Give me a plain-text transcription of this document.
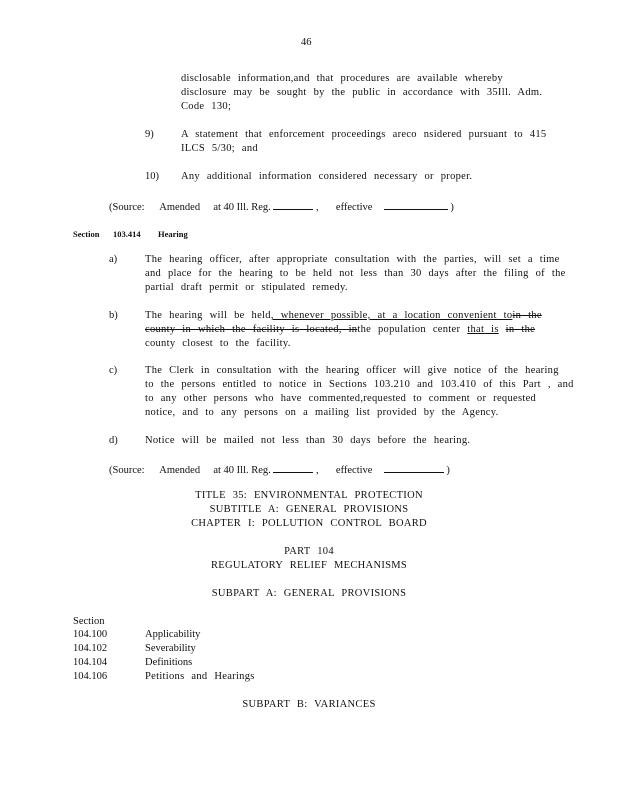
46
disclosable information,and that procedures are available whereby
disclosure may be sought by the public in accordance with 35Ill. Adm.
Code 130;
9)	A statement that enforcement proceedings areco nsidered pursuant to 415
ILCS 5/30; and
10) Any additional information considered necessary or proper.
(Source: Amended at 40 Ill. Reg.	, effective	)
Section 103.414 Hearing
a)	The hearing officer, after appropriate consultation with the parties, will set a time
and place for the hearing to be held not less than 30 days after the filing of the
partial draft permit or stipulated remedy.
b)	The hearing will be held, whenever possible, at a location convenient toin the
county in which the facility is located, inthe population center that is in the
county closest to the facility.
c)	The Clerk in consultation with the hearing officer will give notice of the hearing
to the persons entitled to notice in Sections 103.210 and 103.410 of this Part , and
to any other persons who have commented,requested to comment or requested
notice, and to any persons on a mailing list provided by the Agency.
d)	Notice will be mailed not less than 30 days before the hearing.
(Source: Amended at 40 Ill. Reg.	, effective	)
TITLE 35: ENVIRONMENTAL PROTECTION
SUBTITLE A: GENERAL PROVISIONS
CHAPTER I: POLLUTION CONTROL BOARD
PART 104
REGULATORY RELIEF MECHANISMS
SUBPART A: GENERAL PROVISIONS
Section
104.100	Applicability
104.102	Severability
104.104	Definitions
104.106	Petitions and Hearings
SUBPART B: VARIANCES
